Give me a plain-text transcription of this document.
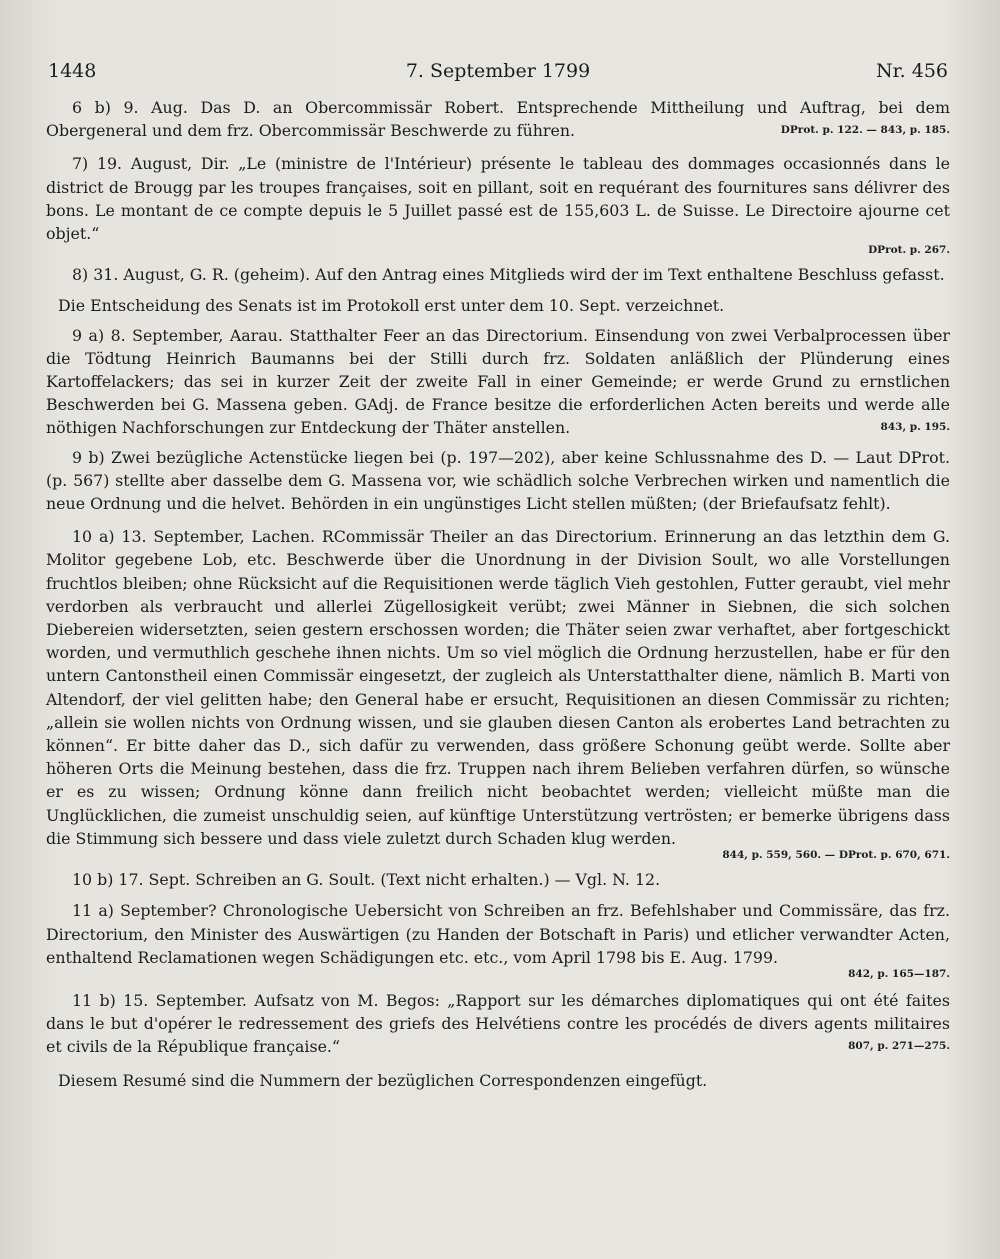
1448	7. September 1799	Nr. 456

6 b) 9. Aug. Das D. an Obercommissär Robert. Entsprechende Mittheilung und Auftrag, bei dem Obergeneral und dem frz. Obercommissär Beschwerde zu führen.	DProt. p. 122. — 843, p. 185.

7) 19. August, Dir. „Le (ministre de l'Intérieur) présente le tableau des dommages occasionnés dans le district de Brougg par les troupes françaises, soit en pillant, soit en requérant des fournitures sans délivrer des bons. Le montant de ce compte depuis le 5 Juillet passé est de 155,603 L. de Suisse. Le Directoire ajourne cet objet.“
DProt. p. 267.

8) 31. August, G. R. (geheim). Auf den Antrag eines Mitglieds wird der im Text enthaltene Beschluss gefasst.

Die Entscheidung des Senats ist im Protokoll erst unter dem 10. Sept. verzeichnet.

9 a) 8. September, Aarau. Statthalter Feer an das Directorium. Einsendung von zwei Verbalprocessen über die Tödtung Heinrich Baumanns bei der Stilli durch frz. Soldaten anläßlich der Plünderung eines Kartoffelackers; das sei in kurzer Zeit der zweite Fall in einer Gemeinde; er werde Grund zu ernstlichen Beschwerden bei G. Massena geben. GAdj. de France besitze die erforderlichen Acten bereits und werde alle nöthigen Nachforschungen zur Entdeckung der Thäter anstellen.	843, p. 195.

9 b) Zwei bezügliche Actenstücke liegen bei (p. 197—202), aber keine Schlussnahme des D. — Laut DProt. (p. 567) stellte aber dasselbe dem G. Massena vor, wie schädlich solche Verbrechen wirken und namentlich die neue Ordnung und die helvet. Behörden in ein ungünstiges Licht stellen müßten; (der Briefaufsatz fehlt).

10 a) 13. September, Lachen. RCommissär Theiler an das Directorium. Erinnerung an das letzthin dem G. Molitor gegebene Lob, etc. Beschwerde über die Unordnung in der Division Soult, wo alle Vorstellungen fruchtlos bleiben; ohne Rücksicht auf die Requisitionen werde täglich Vieh gestohlen, Futter geraubt, viel mehr verdorben als verbraucht und allerlei Zügellosigkeit verübt; zwei Männer in Siebnen, die sich solchen Diebereien widersetzten, seien gestern erschossen worden; die Thäter seien zwar verhaftet, aber fortgeschickt worden, und vermuthlich geschehe ihnen nichts. Um so viel möglich die Ordnung herzustellen, habe er für den untern Cantonstheil einen Commissär eingesetzt, der zugleich als Unterstatthalter diene, nämlich B. Marti von Altendorf, der viel gelitten habe; den General habe er ersucht, Requisitionen an diesen Commissär zu richten; „allein sie wollen nichts von Ordnung wissen, und sie glauben diesen Canton als erobertes Land betrachten zu können“. Er bitte daher das D., sich dafür zu verwenden, dass größere Schonung geübt werde. Sollte aber höheren Orts die Meinung bestehen, dass die frz. Truppen nach ihrem Belieben verfahren dürfen, so wünsche er es zu wissen; Ordnung könne dann freilich nicht beobachtet werden; vielleicht müßte man die Unglücklichen, die zumeist unschuldig seien, auf künftige Unterstützung vertrösten; er bemerke übrigens dass die Stimmung sich bessere und dass viele zuletzt durch Schaden klug werden.
844, p. 559, 560. — DProt. p. 670, 671.

10 b) 17. Sept. Schreiben an G. Soult. (Text nicht erhalten.) — Vgl. N. 12.

11 a) September? Chronologische Uebersicht von Schreiben an frz. Befehlshaber und Commissäre, das frz. Directorium, den Minister des Auswärtigen (zu Handen der Botschaft in Paris) und etlicher verwandter Acten, enthaltend Reclamationen wegen Schädigungen etc. etc., vom April 1798 bis E. Aug. 1799.
842, p. 165—187.

11 b) 15. September. Aufsatz von M. Begos: „Rapport sur les démarches diplomatiques qui ont été faites dans le but d'opérer le redressement des griefs des Helvétiens contre les procédés de divers agents militaires et civils de la République française.“	807, p. 271—275.

Diesem Resumé sind die Nummern der bezüglichen Correspondenzen eingefügt.
